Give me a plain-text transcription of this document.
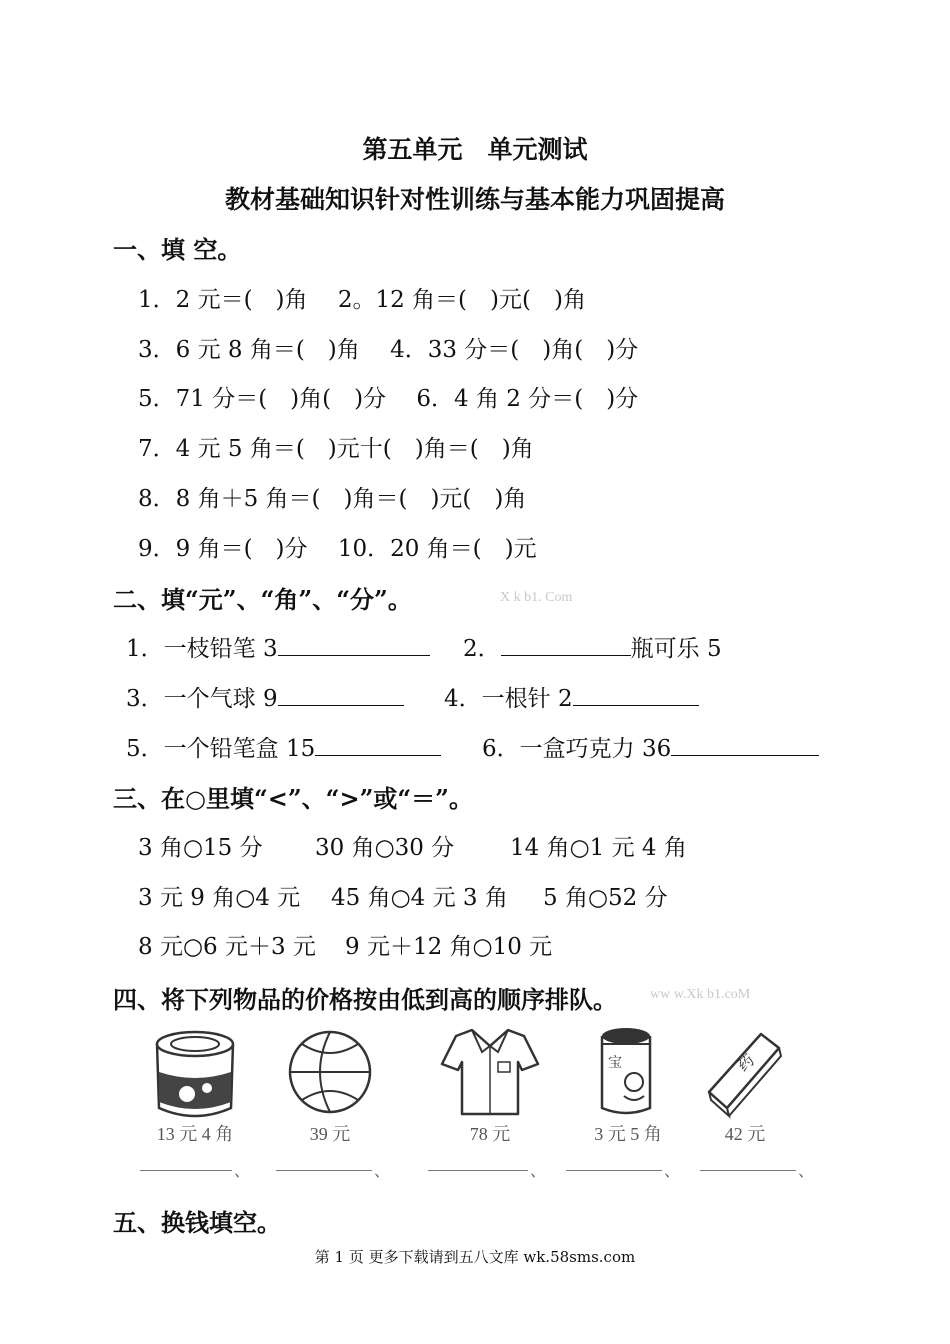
第五单元　单元测试
教材基础知识针对性训练与基本能力巩固提高
一、填 空。
1．2 元＝(　)角　 2。12 角＝(　)元(　)角
3．6 元 8 角＝(　)角　 4．33 分＝(　)角(　)分
5．71 分＝(　)角(　)分　 6．4 角 2 分＝(　)分
7．4 元 5 角＝(　)元十(　)角＝(　)角
8．8 角＋5 角＝(　)角＝(　)元(　)角
9．9 角＝(　)分　 10．20 角＝(　)元
二、填“元”、“角”、“分”。	X k b1. Com
1．一枝铅笔 3	2．	瓶可乐 5
3．一个气球 9	4．一根针 2
5．一个铅笔盒 15	6．一盒巧克力 36
三、在○里填“<”、“>”或“＝”。
3 角○15 分 30 角○30 分 14 角○1 元 4 角
3 元 9 角○4 元 45 角○4 元 3 角 5 角○52 分
8 元○6 元＋3 元 9 元＋12 角○10 元
四、将下列物品的价格按由低到高的顺序排队。 ww w.Xk b1.coM
13 元 4 角	39 元	78 元
宝
3 元 5 角
药
42 元
、	、	、	、	、
五、换钱填空。
第 1 页 更多下载请到五八文库 wk.58sms.com
